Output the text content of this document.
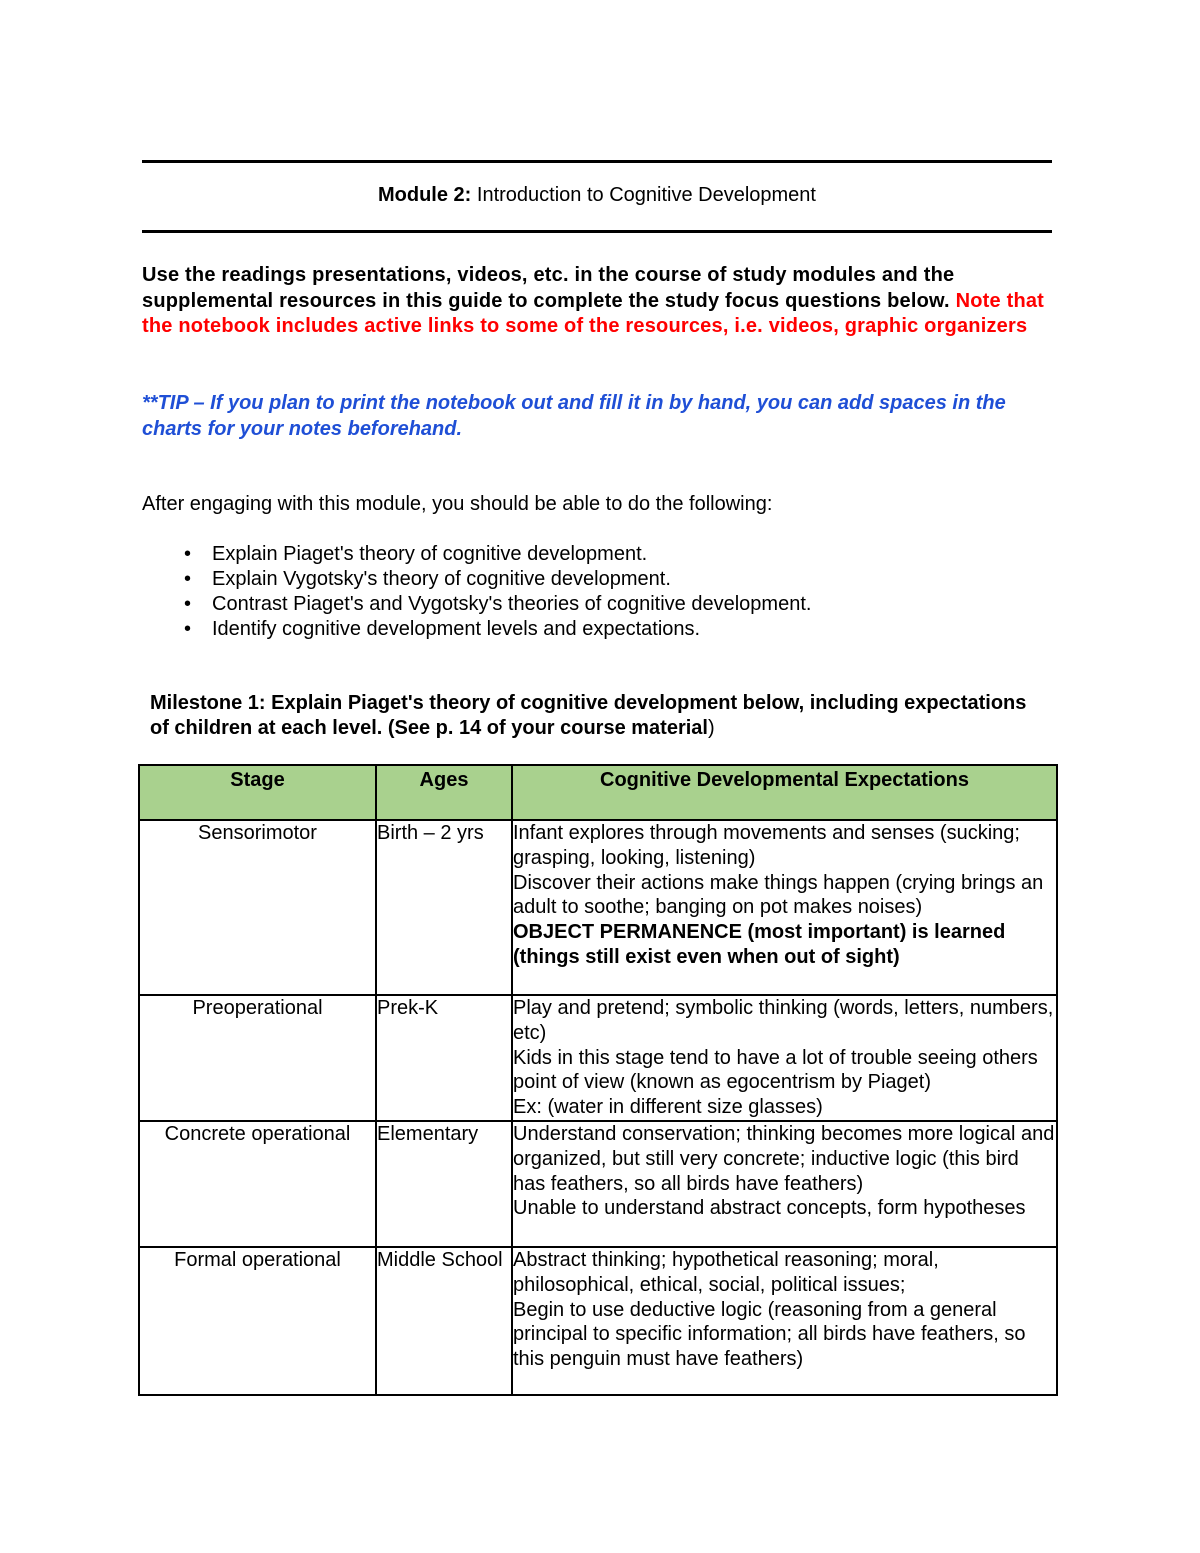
Module 2: Introduction to Cognitive Development
Use the readings presentations, videos, etc. in the course of study modules and the supplemental resources in this guide to complete the study focus questions below. Note that the notebook includes active links to some of the resources, i.e. videos, graphic organizers
**TIP – If you plan to print the notebook out and fill it in by hand, you can add spaces in the charts for your notes beforehand.
After engaging with this module, you should be able to do the following:
• Explain Piaget's theory of cognitive development.
• Explain Vygotsky's theory of cognitive development.
• Contrast Piaget's and Vygotsky's theories of cognitive development.
• Identify cognitive development levels and expectations.
Milestone 1: Explain Piaget's theory of cognitive development below, including expectations of children at each level. (See p. 14 of your course material)
Stage	Ages	Cognitive Developmental Expectations
Sensorimotor	Birth – 2 yrs	Infant explores through movements and senses (sucking; grasping, looking, listening)
Discover their actions make things happen (crying brings an adult to soothe; banging on pot makes noises)
OBJECT PERMANENCE (most important) is learned (things still exist even when out of sight)

Preoperational	Prek-K	Play and pretend; symbolic thinking (words, letters, numbers, etc)
Kids in this stage tend to have a lot of trouble seeing others point of view (known as egocentrism by Piaget)
Ex: (water in different size glasses)

Concrete operational	Elementary	Understand conservation; thinking becomes more logical and organized, but still very concrete; inductive logic (this bird has feathers, so all birds have feathers)
Unable to understand abstract concepts, form hypotheses

Formal operational	Middle School	Abstract thinking; hypothetical reasoning; moral, philosophical, ethical, social, political issues;
Begin to use deductive logic (reasoning from a general principal to specific information; all birds have feathers, so this penguin must have feathers)
